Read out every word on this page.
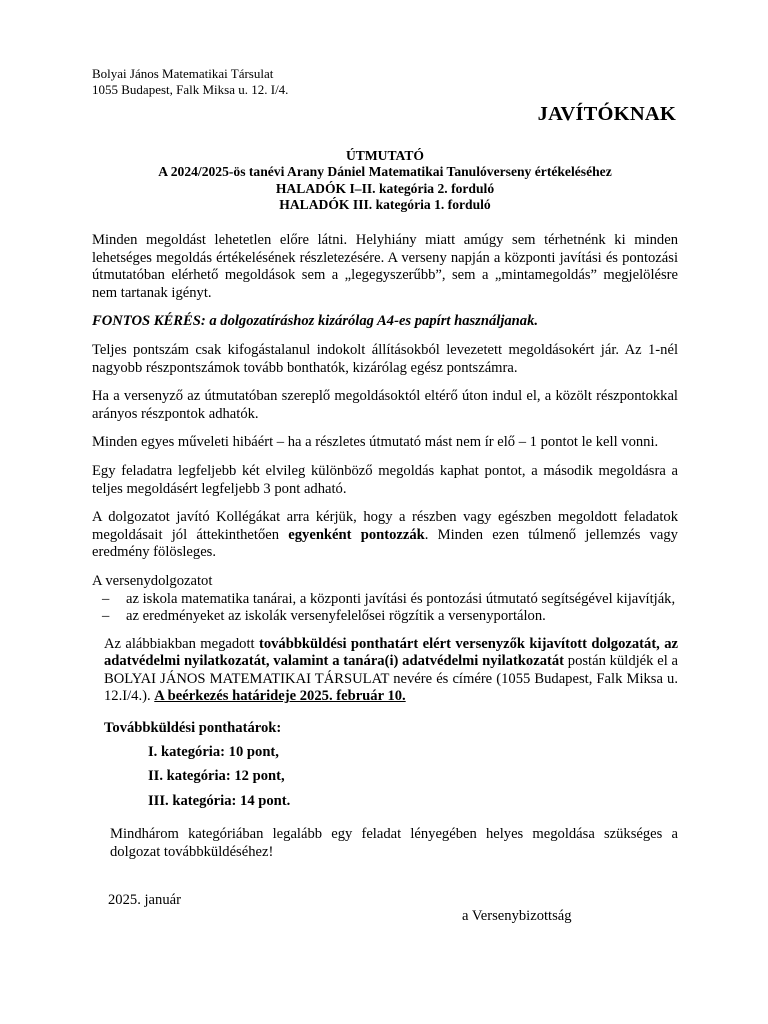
Bolyai János Matematikai Társulat
1055 Budapest, Falk Miksa u. 12. I/4.
JAVÍTÓKNAK
ÚTMUTATÓ
A 2024/2025-ös tanévi Arany Dániel Matematikai Tanulóverseny értékeléséhez
HALADÓK I–II. kategória 2. forduló
HALADÓK III. kategória 1. forduló

Minden megoldást lehetetlen előre látni. Helyhiány miatt amúgy sem térhetnénk ki minden lehetséges megoldás értékelésének részletezésére. A verseny napján a központi javítási és pontozási útmutatóban elérhető megoldások sem a „legegyszerűbb”, sem a „mintamegoldás” megjelölésre nem tartanak igényt.

FONTOS KÉRÉS: a dolgozatíráshoz kizárólag A4-es papírt használjanak.

Teljes pontszám csak kifogástalanul indokolt állításokból levezetett megoldásokért jár. Az 1-nél nagyobb részpontszámok tovább bonthatók, kizárólag egész pontszámra.

Ha a versenyző az útmutatóban szereplő megoldásoktól eltérő úton indul el, a közölt részpontokkal arányos részpontok adhatók.

Minden egyes műveleti hibáért – ha a részletes útmutató mást nem ír elő – 1 pontot le kell vonni.

Egy feladatra legfeljebb két elvileg különböző megoldás kaphat pontot, a második megoldásra a teljes megoldásért legfeljebb 3 pont adható.

A dolgozatot javító Kollégákat arra kérjük, hogy a részben vagy egészben megoldott feladatok megoldásait jól áttekinthetően egyenként pontozzák. Minden ezen túlmenő jellemzés vagy eredmény fölösleges.

A versenydolgozatot
– az iskola matematika tanárai, a központi javítási és pontozási útmutató segítségével kijavítják,
– az eredményeket az iskolák versenyfelelősei rögzítik a versenyportálon.

Az alábbiakban megadott továbbküldési ponthatárt elért versenyzők kijavított dolgozatát, az adatvédelmi nyilatkozatát, valamint a tanára(i) adatvédelmi nyilatkozatát postán küldjék el a BOLYAI JÁNOS MATEMATIKAI TÁRSULAT nevére és címére (1055 Budapest, Falk Miksa u. 12.I/4.). A beérkezés határideje 2025. február 10.

Továbbküldési ponthatárok:
I. kategória: 10 pont,
II. kategória: 12 pont,
III. kategória: 14 pont.

Mindhárom kategóriában legalább egy feladat lényegében helyes megoldása szükséges a dolgozat továbbküldéséhez!

2025. január
a Versenybizottság
